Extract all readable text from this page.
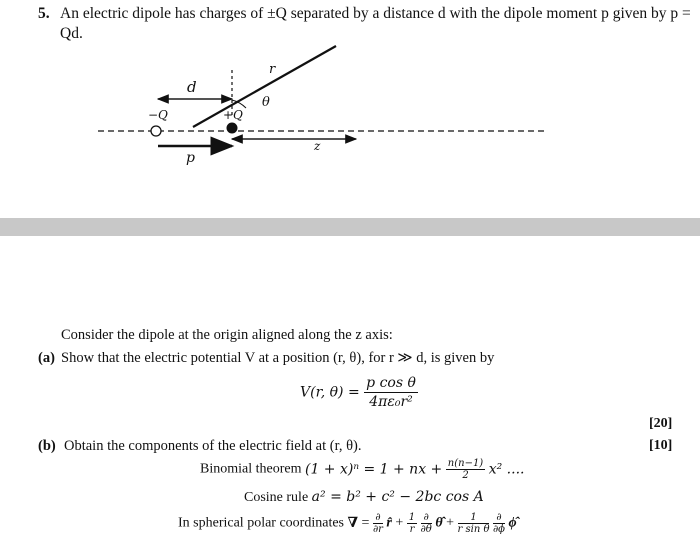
5. An electric dipole has charges of ±Q separated by a distance d with the dipole moment p given by p =
Qd.
r
d
θ
−Q	+Q
z
p
Consider the dipole at the origin aligned along the z axis:
(a) Show that the electric potential V at a position (r, θ), for r ≫ d, is given by
V(r, $\theta) = \frac{\text{p cos θ}}{\text{4πε₀r²}}$
[20]
(b) Obtain the components of the electric field at (r, θ).	[10]
Binomial theorem (1 + x)ⁿ = 1 + nx + $\frac{n(n-1)}{2} x^2$ ....
Cosine rule a² = b² + c² − 2bc cos A
In spherical polar coordinates ∇ = $\frac{\partial}{\partial r}$ r̂ + $\frac{1}{r}$
$\frac{\partial}{\partial\theta}$ θ̂ + $\frac{1}{\text{r sin θ}}$
$\frac{\partial}{\partial\phi}$ ϕ̂
